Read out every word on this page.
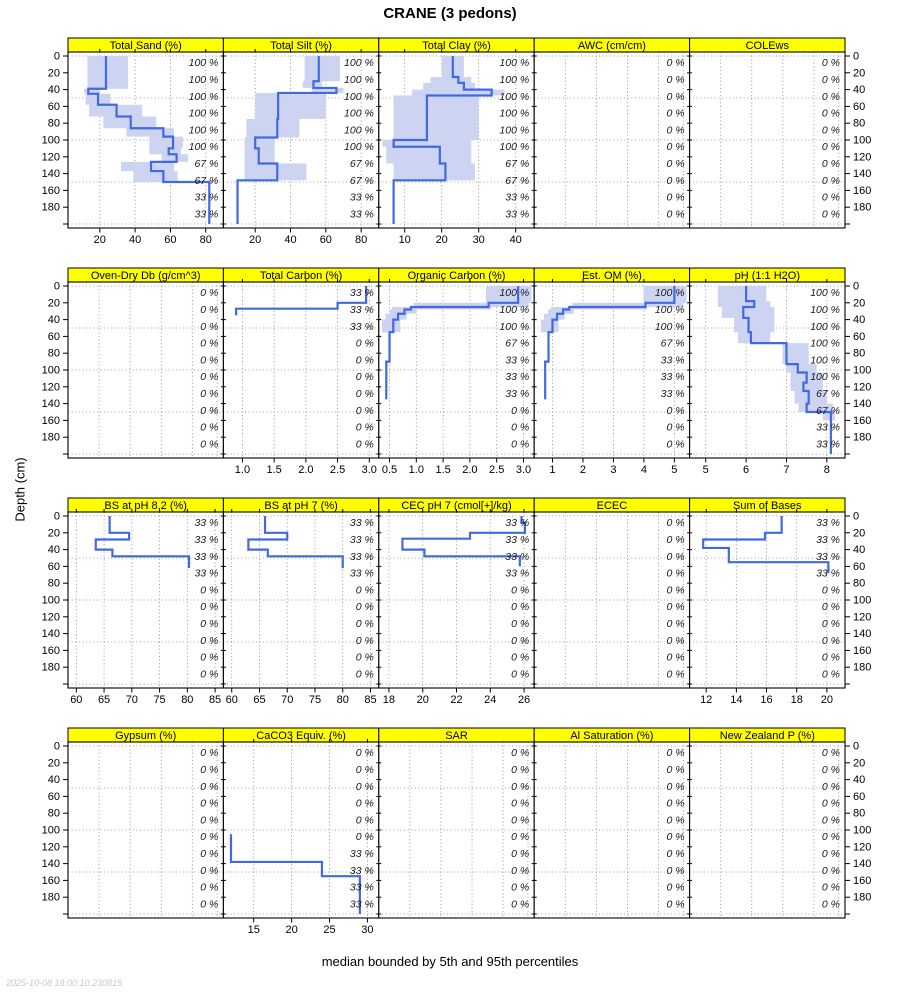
CRANE (3 pedons)
Total Sand (%)
100 %
100 %
100 %
100 %
100 %
100 %
67 %
67 %
33 %
33 %
20 40 60 80
Total Silt (%)
100 %
100 %
100 %
100 %
100 %
100 %
67 %
67 %
33 %
33 %
20 40 60 80
Total Clay (%)
100 %
100 %
100 %
100 %
100 %
100 %
67 %
67 %
33 %
33 %
10 20 30 40
AWC (cm/cm)
0 %
0 %
0 %
0 %
0 %
0 %
0 %
0 %
0 %
0 %
COLEws
0 %
0 %
0 %
0 %
0 %
0 %
0 %
0 %
0 %
0 %
Oven-Dry Db (g/cm^3)
0 %
0 %
0 %
0 %
0 %
0 %
0 %
0 %
0 %
0 %
Total Carbon (%)
33 %
33 %
33 %
0 %
0 %
0 %
0 %
0 %
0 %
0 %
1.0 1.5 2.0 2.5 3.0
Organic Carbon (%)
100 %
100 %
100 %
67 %
33 %
33 %
33 %
0 %
0 %
0 %
0.5 1.0 1.5 2.0 2.5 3.0
Est. OM (%)
100 %
100 %
100 %
67 %
33 %
33 %
33 %
0 %
0 %
0 %
1 2 3 4 5
pH (1:1 H2O)
100 %
100 %
100 %
100 %
100 %
100 %
67 %
67 %
33 %
33 %
5	6	7	8
BS at pH 8.2 (%)
33 %
33 %
33 %
33 %
0 %
0 %
0 %
0 %
0 %
0 %
60 65 70 75 80 85
BS at pH 7 (%)
33 %
33 %
33 %
33 %
0 %
0 %
0 %
0 %
0 %
0 %
60 65 70 75 80 85
CEC pH 7 (cmol[+]/kg)
33 %
33 %
33 %
33 %
0 %
0 %
0 %
0 %
0 %
0 %
18 20 22 24 26
ECEC
0 %
0 %
0 %
0 %
0 %
0 %
0 %
0 %
0 %
0 %
Sum of Bases
33 %
33 %
33 %
33 %
0 %
0 %
0 %
0 %
0 %
0 %
12 14 16 18 20
Gypsum (%)
0 %
0 %
0 %
0 %
0 %
0 %
0 %
0 %
0 %
0 %
CaCO3 Equiv. (%)
0 %
0 %
0 %
0 %
0 %
0 %
33 %
33 %
33 %
33 %
15 20 25 30
SAR
0 %
0 %
0 %
0 %
0 %
0 %
0 %
0 %
0 %
0 %
Al Saturation (%)
0 %
0 %
0 %
0 %
0 %
0 %
0 %
0 %
0 %
0 %
New Zealand P (%)
0 %
0 %
0 %
0 %
0 %
0 %
0 %
0 %
0 %
0 %
0	0
20	20
40	40
60	60
80	80
100	100
120	120
140	140
160	160
180	180
0	0
20	20
40	40
60	60
80	80
100	100
120	120
140	140
160	160
180	180
0	0
20	20
40	40
60	60
80	80
100	100
120	120
140	140
160	160
180	180
0	0
20	20
40	40
60	60
80	80
100	100
120	120
140	140
160	160
180	180
Depth (cm)
median bounded by 5th and 95th percentiles
2025-10-08 18:00:10.230815
